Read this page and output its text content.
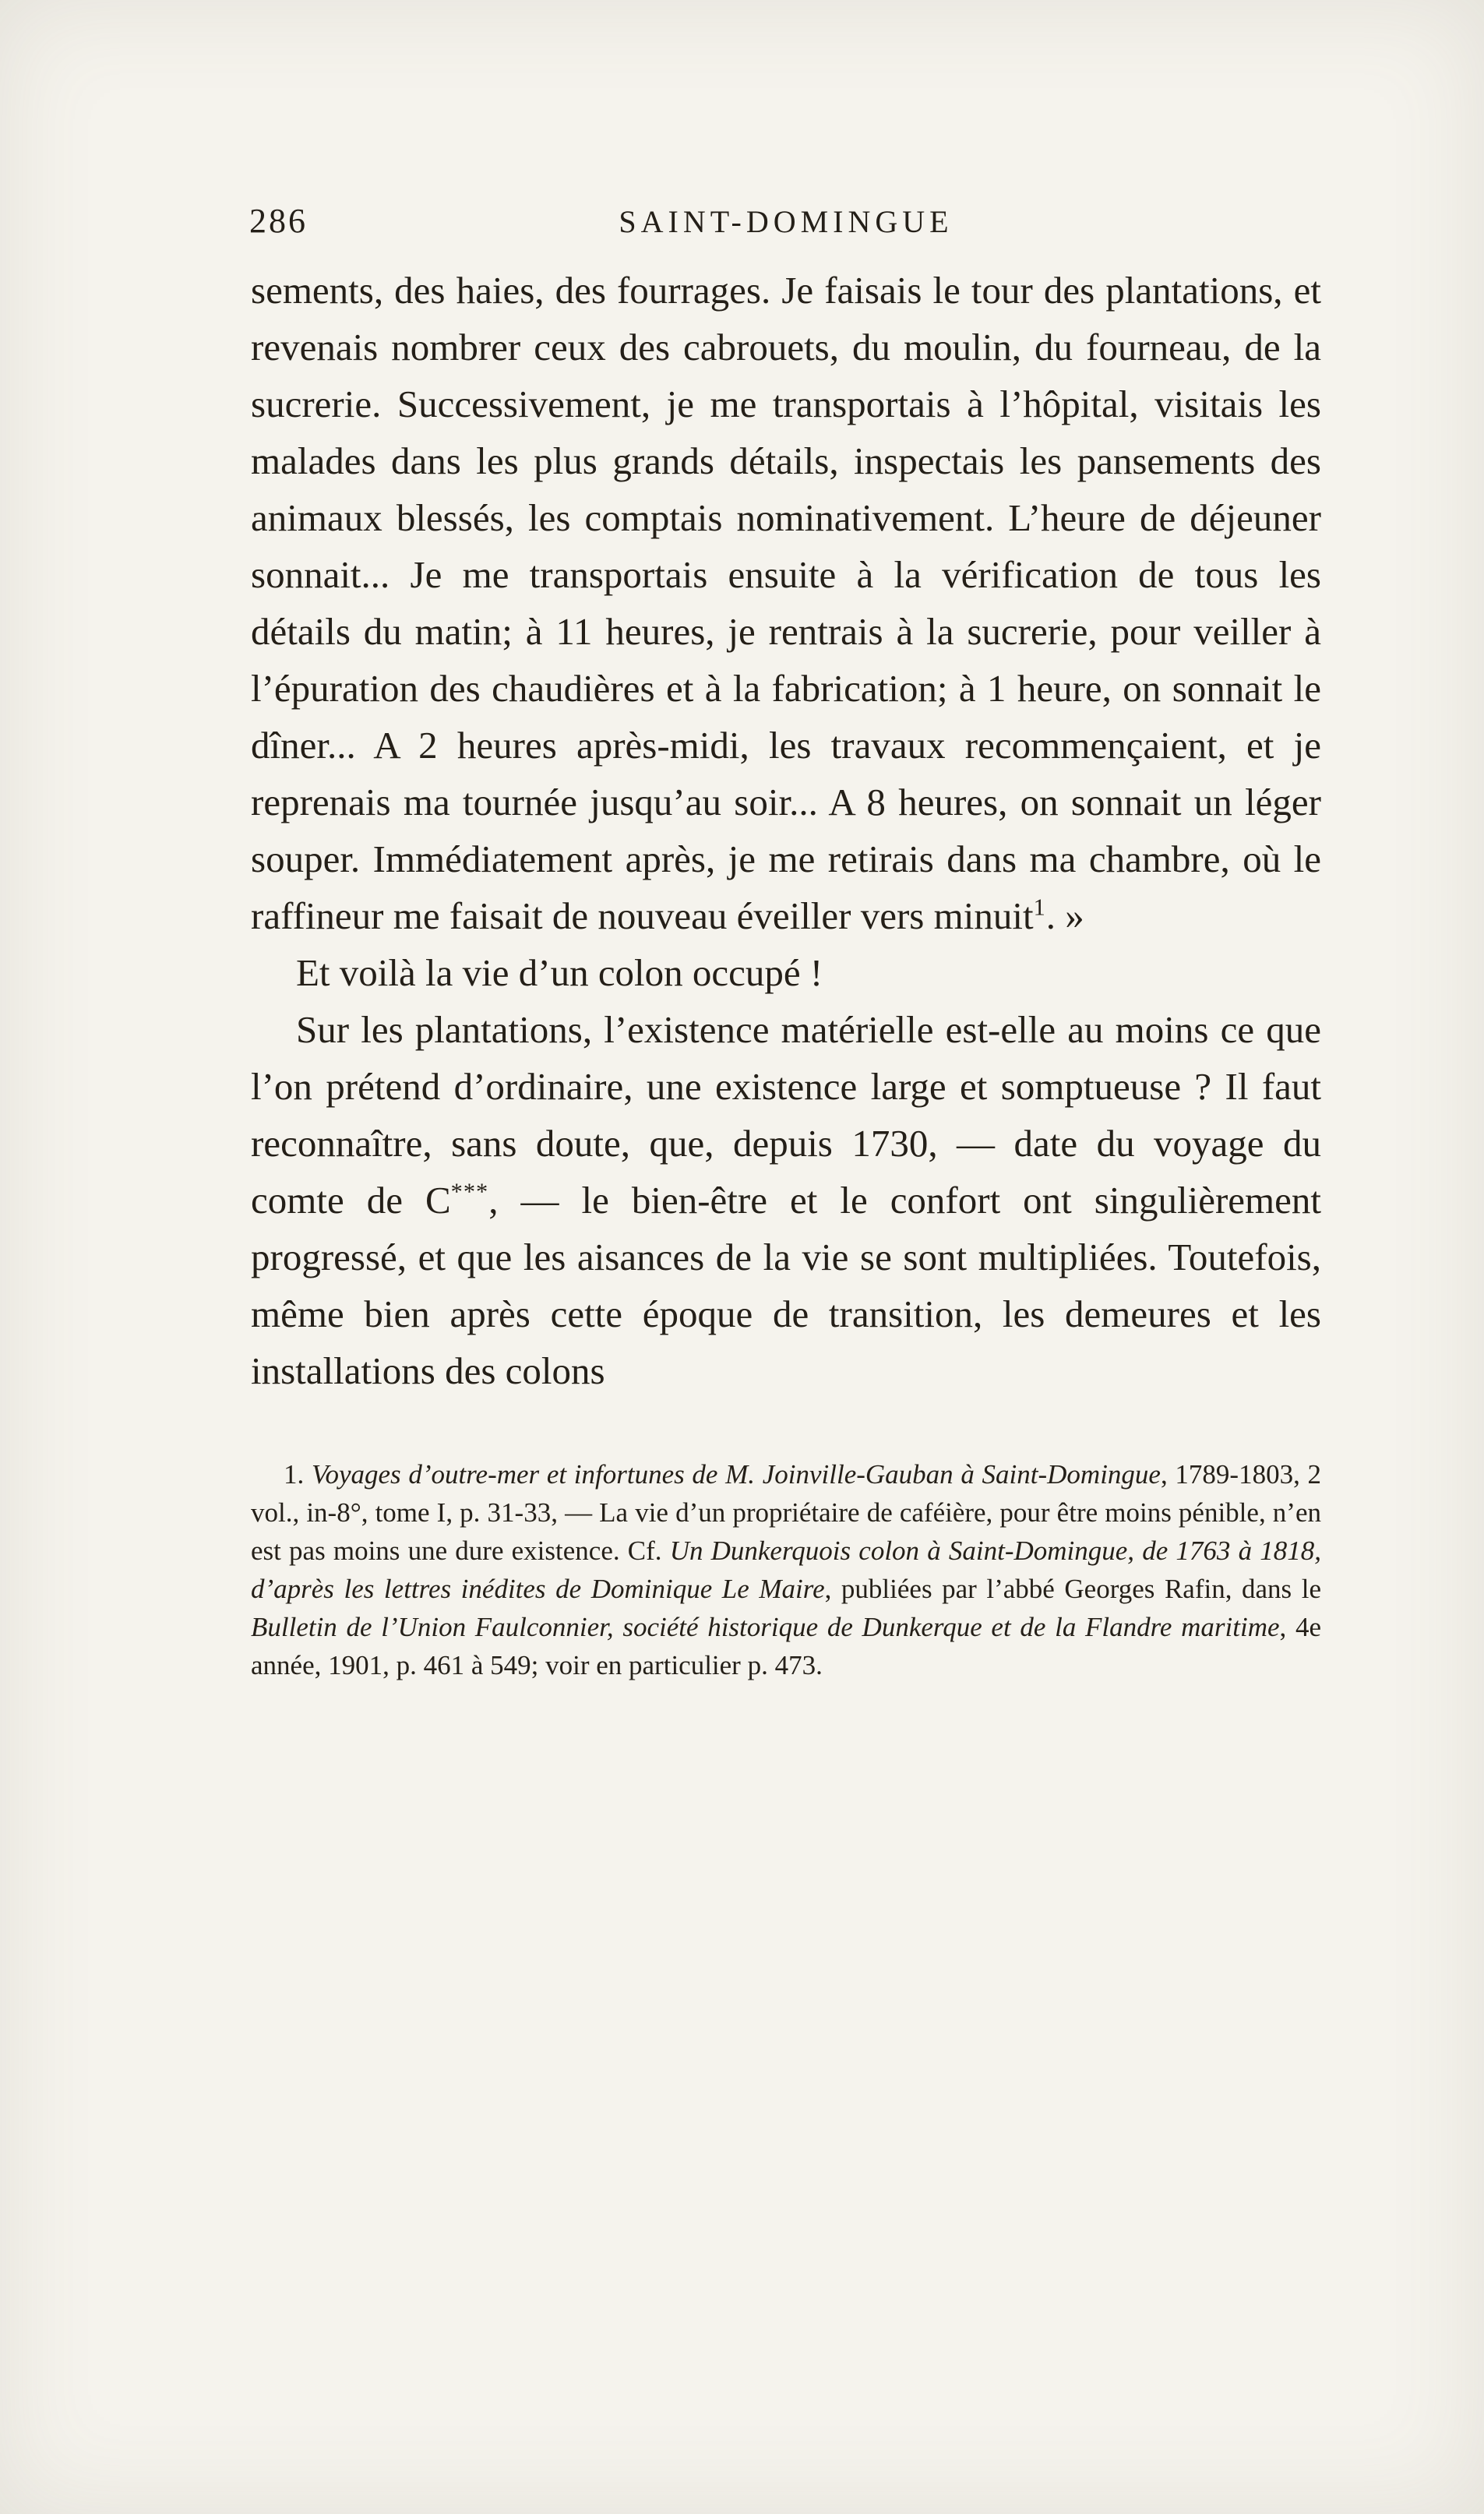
286	SAINT-DOMINGUE

sements, des haies, des fourrages. Je faisais le tour des plantations, et revenais nombrer ceux des cabrouets, du moulin, du fourneau, de la sucrerie. Successivement, je me transportais à l’hôpital, visitais les malades dans les plus grands détails, inspectais les pansements des animaux blessés, les comptais nominativement. L’heure de déjeuner sonnait... Je me transportais ensuite à la vérification de tous les détails du matin; à 11 heures, je rentrais à la sucrerie, pour veiller à l’épuration des chaudières et à la fabrication; à 1 heure, on sonnait le dîner... A 2 heures après-midi, les travaux recommençaient, et je reprenais ma tournée jusqu’au soir... A 8 heures, on sonnait un léger souper. Immédiatement après, je me retirais dans ma chambre, où le raffineur me faisait de nouveau éveiller vers minuit$^1$. »

Et voilà la vie d’un colon occupé !

Sur les plantations, l’existence matérielle est-elle au moins ce que l’on prétend d’ordinaire, une existence large et somptueuse ? Il faut reconnaître, sans doute, que, depuis 1730, — date du voyage du comte de C***, — le bien-être et le confort ont singulièrement progressé, et que les aisances de la vie se sont multipliées. Toutefois, même bien après cette époque de transition, les demeures et les installations des colons

1. Voyages d’outre-mer et infortunes de M. Joinville-Gauban à Saint-Domingue, 1789-1803, 2 vol., in-8°, tome I, p. 31-33, — La vie d’un propriétaire de caféière, pour être moins pénible, n’en est pas moins une dure existence. Cf. Un Dunkerquois colon à Saint-Domingue, de 1763 à 1818, d’après les lettres inédites de Dominique Le Maire, publiées par l’abbé Georges Rafin, dans le Bulletin de l’Union Faulconnier, société historique de Dunkerque et de la Flandre maritime, 4e année, 1901, p. 461 à 549; voir en particulier p. 473.
